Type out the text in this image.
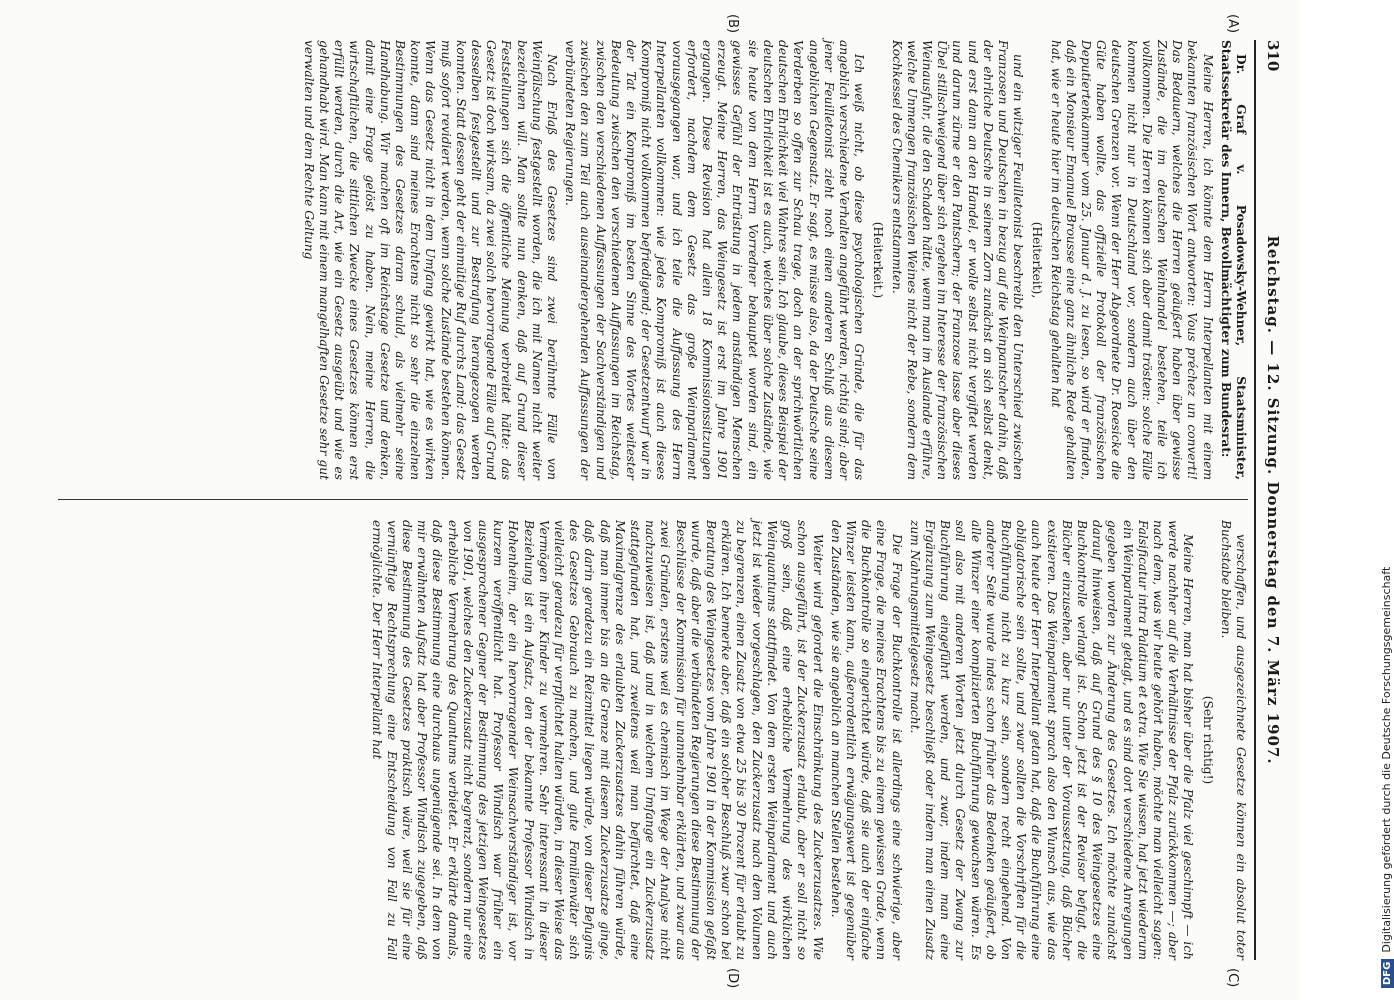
310
Reichstag. — 12. Sitzung. Donnerstag den 7. März 1907.
(A)
(B)
(C)
(D)

Dr. Graf v. Posadowsky-Wehner, Staatsminister, Staatssekretär des Innern, Bevollmächtigter zum Bundesrat:

Meine Herren, ich könnte dem Herrn Interpellanten mit einem bekannten französischen Wort antworten: Vous préchez un converti! Das Bedauern, welches die Herren geäußert haben über gewisse Zustände, die im deutschen Weinhandel bestehen, teile ich vollkommen. Die Herren können sich aber damit trösten: solche Fälle kommen nicht nur in Deutschland vor, sondern auch über den deutschen Grenzen vor. Wenn der Herr Abgeordnete Dr. Roesicke die Güte haben wollte, das offizielle Protokoll der französischen Deputiertenkammer vom 25. Januar d. J. zu lesen, so wird er finden, daß ein Monsieur Emanuel Brousse eine ganz ähnliche Rede gehalten hat, wie er heute hier im deutschen Reichstag gehalten hat

(Heiterkeit),

und ein witziger Feuilletonist beschreibt den Unterschied zwischen Franzosen und Deutschen in bezug auf die Weinpantscher dahin, daß der ehrliche Deutsche in seinem Zorn zunächst an sich selbst denkt, und erst dann an den Handel, er wolle selbst nicht vergiftet werden und darum zürne er den Pantschern; der Franzose lasse aber dieses Übel stillschweigend über sich ergehen im Interesse der französischen Weinausfuhr, die den Schaden hätte, wenn man im Auslande erführe, welche Unmengen französischen Weines nicht der Rebe, sondern dem Kochkessel des Chemikers entstammten.

(Heiterkeit.)

Ich weiß nicht, ob diese psychologischen Gründe, die für das angeblich verschiedene Verhalten angeführt werden, richtig sind; aber jener Feuilletonist zieht noch einen anderen Schluß aus diesem angeblichen Gegensatz. Er sagt, es müsse also, da der Deutsche seine Verderben so offen zur Schau trage, doch an der sprichwörtlichen deutschen Ehrlichkeit viel Wahres sein. Ich glaube, dieses Beispiel der deutschen Ehrlichkeit ist es auch, welches über solche Zustände, wie sie heute von dem Herrn Vorredner behauptet worden sind, ein gewisses Gefühl der Entrüstung in jedem anständigen Menschen erzeugt. Meine Herren, das Weingesetz ist erst im Jahre 1901 ergangen. Diese Revision hat allein 18 Kommissionssitzungen erfordert, nachdem dem Gesetz das große Weinparlament vorausgegangen war, und ich teile die Auffassung des Herrn Interpellanten vollkommen: wie jedes Kompromiß ist auch dieses Kompromiß nicht vollkommen befriedigend; der Gesetzentwurf war in der Tat ein Kompromiß im besten Sinne des Wortes weitester Bedeutung zwischen den verschiedenen Auffassungen im Reichstag, zwischen den verschiedenen Auffassungen der Sachverständigen und zwischen den zum Teil auch auseinandergehenden Auffassungen der verbündeten Regierungen.

Nach Erlaß des Gesetzes sind zwei berühmte Fälle von Weinfälschung festgestellt worden, die ich mit Namen nicht weiter bezeichnen will. Man sollte nun denken, daß auf Grund dieser Feststellungen sich die öffentliche Meinung verbreitet hätte: das Gesetz ist doch wirksam, da zwei solch hervorragende Fälle auf Grund desselben festgestellt und zur Bestrafung herangezogen werden konnten. Statt dessen geht der einmütige Ruf durchs Land: das Gesetz muß sofort revidiert werden, wenn solche Zustände bestehen können. Wenn das Gesetz nicht in dem Umfang gewirkt hat, wie es wirken konnte, dann sind meines Erachtens nicht so sehr die einzelnen Bestimmungen des Gesetzes daran schuld, als vielmehr seine Handhabung. Wir machen oft im Reichstage Gesetze und denken, damit eine Frage gelöst zu haben. Nein, meine Herren, die wirtschaftlichen, die sittlichen Zwecke eines Gesetzes können erst erfüllt werden, durch die Art, wie ein Gesetz ausgeübt und wie es gehandhabt wird. Man kann mit einem mangelhaften Gesetze sehr gut verwalten und dem Rechte Geltung

verschaffen, und ausgezeichnete Gesetze können ein absolut toter Buchstabe bleiben.

(Sehr richtig!)

Meine Herren, man hat bisher über die Pfalz viel geschimpft — ich werde nachher auf die Verhältnisse der Pfalz zurückkommen —; aber nach dem, was wir heute gehört haben, möchte man vielleicht sagen: Falsificatur intra Palatium et extra. Wie Sie wissen, hat jetzt wiederum ein Weinparlament getagt, und es sind dort verschiedene Anregungen gegeben worden zur Änderung des Gesetzes. Ich möchte zunächst darauf hinweisen, daß auf Grund des § 10 des Weingesetzes eine Buchkontrolle verlangt ist. Schon jetzt ist der Revisor befugt, die Bücher einzusehen, aber nur unter der Voraussetzung, daß Bücher existieren. Das Weinparlament sprach also den Wunsch aus, wie das auch heute der Herr Interpellant getan hat, daß die Buchführung eine obligatorische sein sollte, und zwar sollten die Vorschriften für die Buchführung nicht zu kurz sein, sondern recht eingehend. Von anderer Seite wurde indes schon früher das Bedenken geäußert, ob alle Winzer einer komplizierten Buchführung gewachsen wären. Es soll also mit anderen Worten jetzt durch Gesetz der Zwang zur Buchführung eingeführt werden, und zwar, indem man eine Ergänzung zum Weingesetz beschließt oder indem man einen Zusatz zum Nahrungsmittelgesetz macht.

Die Frage der Buchkontrolle ist allerdings eine schwierige, aber eine Frage, die meines Erachtens bis zu einem gewissen Grade, wenn die Buchkontrolle so eingerichtet würde, daß sie auch der einfache Winzer leisten kann, außerordentlich erwägungswert ist gegenüber den Zuständen, wie sie angeblich an manchen Stellen bestehen.

Weiter wird gefordert die Einschränkung des Zuckerzusatzes. Wie schon ausgeführt, ist der Zuckerzusatz erlaubt, aber er soll nicht so groß sein, daß eine erhebliche Vermehrung des wirklichen Weinquantums stattfindet. Von dem ersten Weinparlament und auch jetzt ist wieder vorgeschlagen, den Zuckerzusatz nach dem Volumen zu begrenzen, einen Zusatz von etwa 25 bis 30 Prozent für erlaubt zu erklären. Ich bemerke aber, daß ein solcher Beschluß zwar schon bei Beratung des Weingesetzes vom Jahre 1901 in der Kommission gefaßt wurde, daß aber die verbündeten Regierungen diese Bestimmung der Beschlüsse der Kommission für unannehmbar erklärten, und zwar aus zwei Gründen, erstens weil es chemisch im Wege der Analyse nicht nachzuweisen ist, daß und in welchem Umfange ein Zuckerzusatz stattgefunden hat, und zweitens weil man befürchtet, daß eine Maximalgrenze des erlaubten Zuckerzusatzes dahin führen würde, daß man immer bis an die Grenze mit diesem Zuckerzusatze ginge, daß darin geradezu ein Reizmittel liegen würde, von dieser Befugnis des Gesetzes Gebrauch zu machen, und gute Familienväter sich vielleicht geradezu für verpflichtet halten würden, in dieser Weise das Vermögen ihrer Kinder zu vermehren. Sehr interessant in dieser Beziehung ist ein Aufsatz, den der bekannte Professor Windisch in Hohenheim, der ein hervorragender Weinsachverständiger ist, vor kurzem veröffentlicht hat. Professor Windisch war früher ein ausgesprochener Gegner der Bestimmung des jetzigen Weingesetzes von 1901, welches den Zuckerzusatz nicht begrenzt, sondern nur eine erhebliche Vermehrung des Quantums verbietet. Er erklärte damals, daß diese Bestimmung eine durchaus ungenügende sei. In dem von mir erwähnten Aufsatz hat aber Professor Windisch zugegeben, daß diese Bestimmung des Gesetzes praktisch wäre, weil sie für eine vernünftige Rechtsprechung eine Entscheidung von Fall zu Fall ermöglichte. Der Herr Interpellant hat

DFGDigitalisierung gefördert durch die Deutsche Forschungsgemeinschaft
